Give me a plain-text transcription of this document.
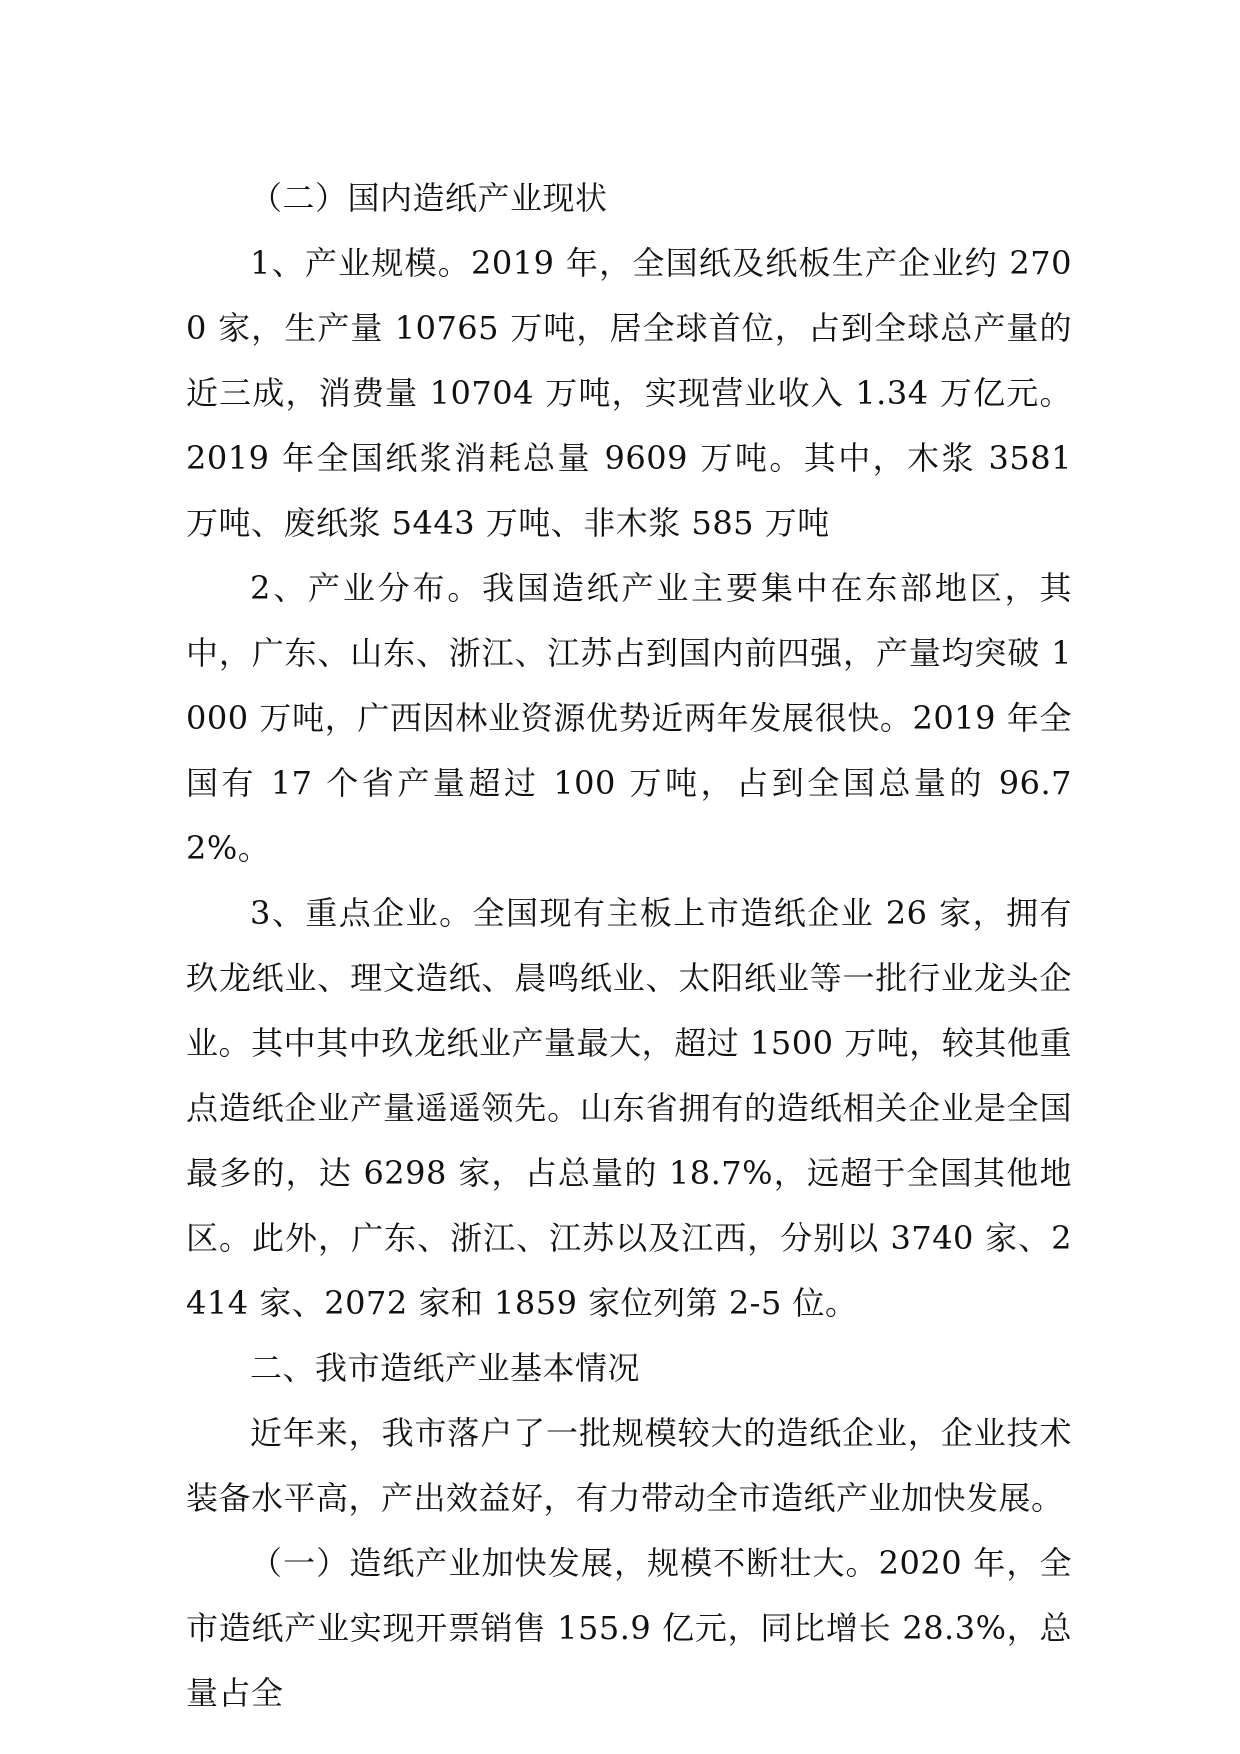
（二）国内造纸产业现状

1、产业规模。2019 年，全国纸及纸板生产企业约 2700 家，生产量 10765 万吨，居全球首位，占到全球总产量的近三成，消费量 10704 万吨，实现营业收入 1.34 万亿元。2019 年全国纸浆消耗总量 9609 万吨。其中，木浆 3581 万吨、废纸浆 5443 万吨、非木浆 585 万吨

2、产业分布。我国造纸产业主要集中在东部地区，其中，广东、山东、浙江、江苏占到国内前四强，产量均突破 1000 万吨，广西因林业资源优势近两年发展很快。2019 年全国有 17 个省产量超过 100 万吨，占到全国总量的 96.72%。

3、重点企业。全国现有主板上市造纸企业 26 家，拥有玖龙纸业、理文造纸、晨鸣纸业、太阳纸业等一批行业龙头企业。其中其中玖龙纸业产量最大，超过 1500 万吨，较其他重点造纸企业产量遥遥领先。山东省拥有的造纸相关企业是全国最多的，达 6298 家，占总量的 18.7%，远超于全国其他地区。此外，广东、浙江、江苏以及江西，分别以 3740 家、2414 家、2072 家和 1859 家位列第 2-5 位。

二、我市造纸产业基本情况

近年来，我市落户了一批规模较大的造纸企业，企业技术装备水平高，产出效益好，有力带动全市造纸产业加快发展。

（一）造纸产业加快发展，规模不断壮大。2020 年，全市造纸产业实现开票销售 155.9 亿元，同比增长 28.3%，总量占全
